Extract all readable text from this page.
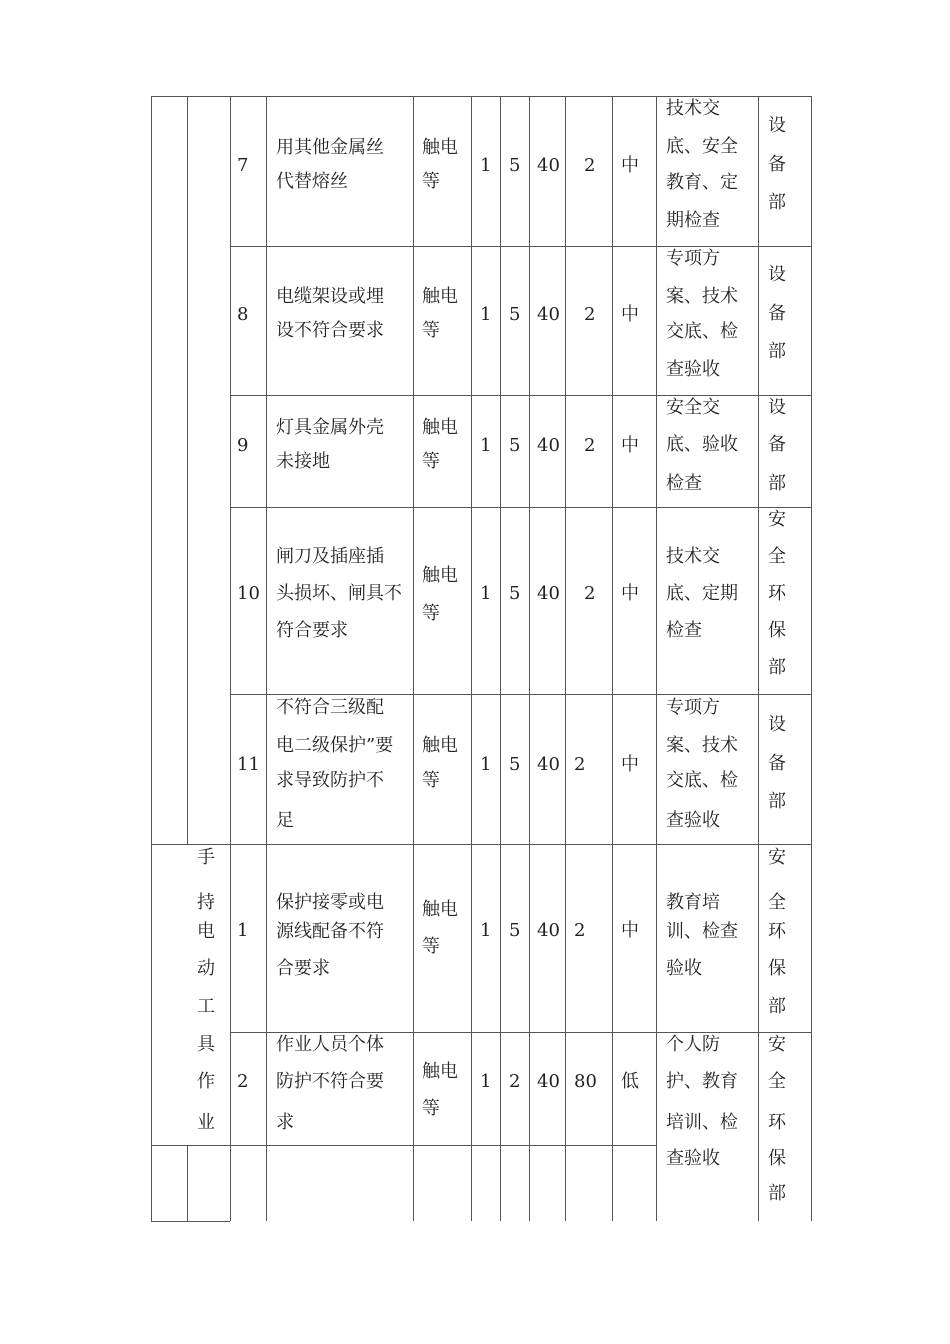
7
用其他金属丝
代替熔丝
触电
等
1 5 40 2 中
技术交
底、安全
教育、定
期检查
设
备
部
8
电缆架设或埋
设不符合要求
触电
等
1 5 40 2 中
专项方
案、技术
交底、检
查验收
设
备
部
9
灯具金属外壳
未接地
触电
等
1 5 40 2 中
安全交
底、验收
检查
设
备
部
10
闸刀及插座插
头损坏、闸具不
符合要求
触电
等
1 5 40 2 中
技术交
底、定期
检查
安
全
环
保
部
11
不符合三级配
电二级保护”要
求导致防护不
足
触电
等
1 5 40 2 中
专项方
案、技术
交底、检
查验收
设
备
部
手
持
电
动
工
具
作
业
1
保护接零或电
源线配备不符
合要求
触电
等
1 5 40 2 中
教育培
训、检查
验收
安
全
环
保
部
2
作业人员个体
防护不符合要
求
触电
等
1 2 40 80 低
个人防
护、教育
培训、检
查验收
安
全
环
保
部
